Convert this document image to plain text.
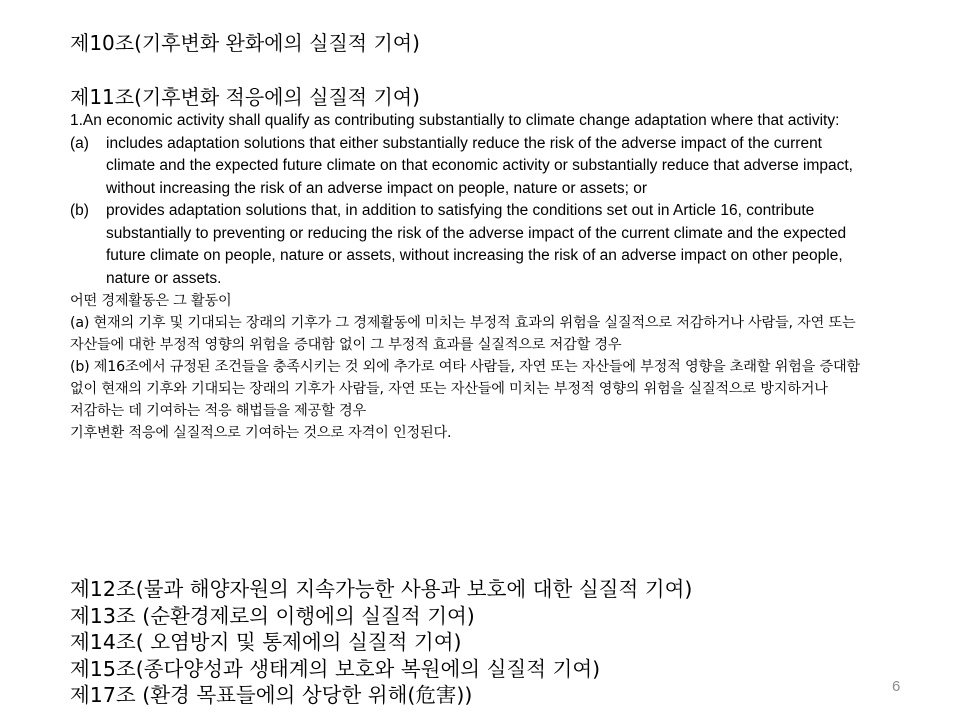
제10조(기후변화 완화에의 실질적 기여)
제11조(기후변화 적응에의 실질적 기여)
1.An economic activity shall qualify as contributing substantially to climate change adaptation where that activity:
(a)	includes adaptation solutions that either substantially reduce the risk of the adverse impact of the current climate and the expected future climate on that economic activity or substantially reduce that adverse impact, without increasing the risk of an adverse impact on people, nature or assets; or
(b)	provides adaptation solutions that, in addition to satisfying the conditions set out in Article 16, contribute substantially to preventing or reducing the risk of the adverse impact of the current climate and the expected future climate on people, nature or assets, without increasing the risk of an adverse impact on other people, nature or assets.
어떤 경제활동은 그 활동이
(a) 현재의 기후 및 기대되는 장래의 기후가 그 경제활동에 미치는 부정적 효과의 위험을 실질적으로 저감하거나 사람들, 자연 또는 자산들에 대한 부정적 영향의 위험을 증대함 없이 그 부정적 효과를 실질적으로 저감할 경우
(b) 제16조에서 규정된 조건들을 충족시키는 것 외에 추가로 여타 사람들, 자연 또는 자산들에 부정적 영향을 초래할 위험을 증대함 없이 현재의 기후와 기대되는 장래의 기후가 사람들, 자연 또는 자산들에 미치는 부정적 영향의 위험을 실질적으로 방지하거나 저감하는 데 기여하는 적응 해법들을 제공할 경우
기후변환 적응에 실질적으로 기여하는 것으로 자격이 인정된다.
제12조(물과 해양자원의 지속가능한 사용과 보호에 대한 실질적 기여)
제13조 (순환경제로의 이행에의 실질적 기여)
제14조( 오염방지 및 통제에의 실질적 기여)
제15조(종다양성과 생태계의 보호와 복원에의 실질적 기여)
제17조 (환경 목표들에의 상당한 위해(危害))	6
